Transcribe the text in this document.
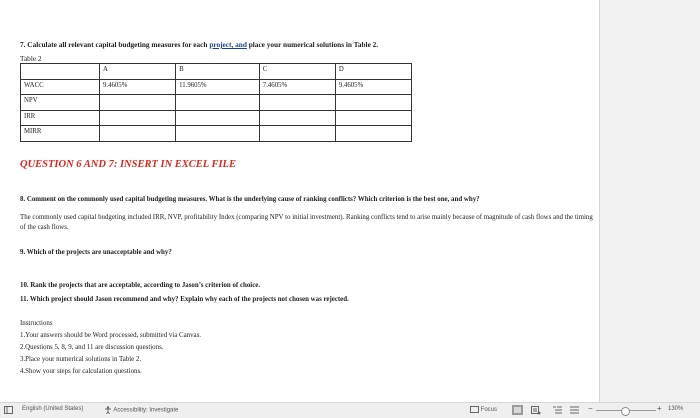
7. Calculate all relevant capital budgeting measures for each project, and place your numerical solutions in Table 2.
Table 2
	A	B	C	D
WACC	9.4605%	11.9605%	7.4605%	9.4605%
NPV				
IRR				
MIRR				
QUESTION 6 AND 7: INSERT IN EXCEL FILE
8. Comment on the commonly used capital budgeting measures. What is the underlying cause of ranking conflicts? Which criterion is the best one, and why?
The commonly used capital budgeting included IRR, NVP, profitability Index (comparing NPV to initial investment). Ranking conflicts tend to arise mainly because of magnitude of cash flows and the timing of the cash flows.
9. Which of the projects are unacceptable and why?
10. Rank the projects that are acceptable, according to Jason’s criterion of choice.
11. Which project should Jason recommend and why? Explain why each of the projects not chosen was rejected.
Instructions
1.Your answers should be Word processed, submitted via Canvas.
2.Questions 5, 8, 9, and 11 are discussion questions.
3.Place your numerical solutions in Table 2.
4.Show your steps for calculation questions.
English (United States)	Accessibility: Investigate	Focus	−	+ 130%
